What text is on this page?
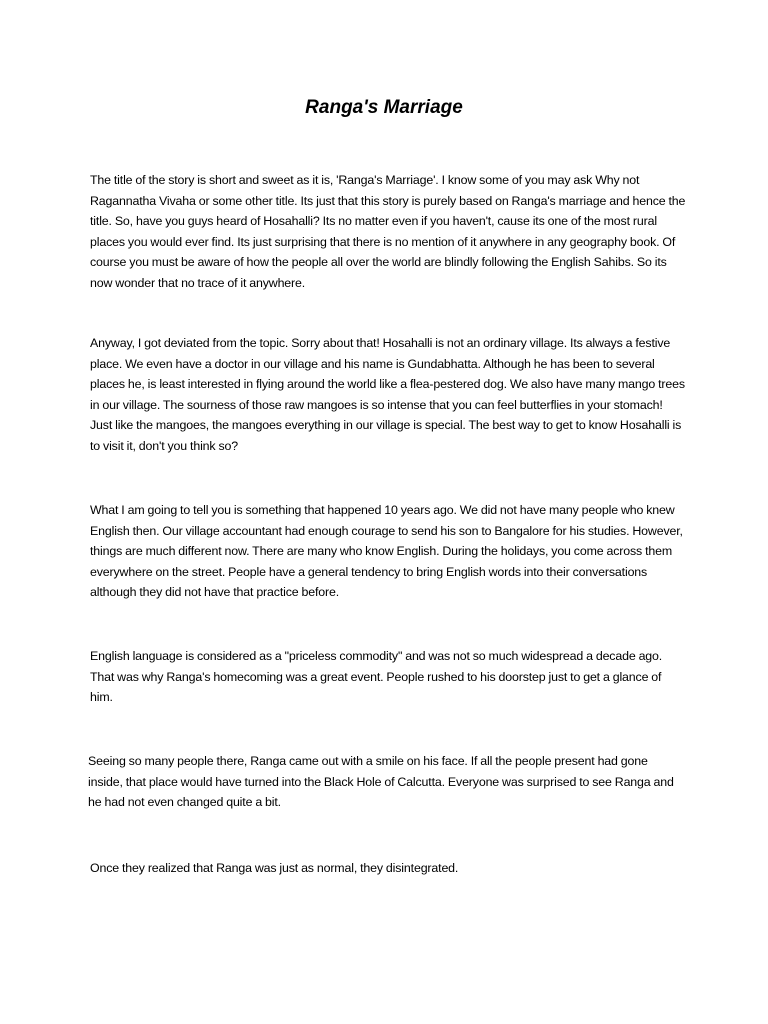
Ranga's Marriage

The title of the story is short and sweet as it is, 'Ranga's Marriage'. I know some of you may ask Why not Ragannatha Vivaha or some other title. Its just that this story is purely based on Ranga's marriage and hence the title. So, have you guys heard of Hosahalli? Its no matter even if you haven't, cause its one of the most rural places you would ever find. Its just surprising that there is no mention of it anywhere in any geography book. Of course you must be aware of how the people all over the world are blindly following the English Sahibs. So its now wonder that no trace of it anywhere.

Anyway, I got deviated from the topic. Sorry about that! Hosahalli is not an ordinary village. Its always a festive place. We even have a doctor in our village and his name is Gundabhatta. Although he has been to several places he, is least interested in flying around the world like a flea-pestered dog. We also have many mango trees in our village. The sourness of those raw mangoes is so intense that you can feel butterflies in your stomach! Just like the mangoes, the mangoes everything in our village is special. The best way to get to know Hosahalli is to visit it, don't you think so?

What I am going to tell you is something that happened 10 years ago. We did not have many people who knew English then. Our village accountant had enough courage to send his son to Bangalore for his studies. However, things are much different now. There are many who know English. During the holidays, you come across them everywhere on the street. People have a general tendency to bring English words into their conversations although they did not have that practice before.

English language is considered as a "priceless commodity" and was not so much widespread a decade ago. That was why Ranga's homecoming was a great event. People rushed to his doorstep just to get a glance of him.

Seeing so many people there, Ranga came out with a smile on his face. If all the people present had gone inside, that place would have turned into the Black Hole of Calcutta. Everyone was surprised to see Ranga and he had not even changed quite a bit.

Once they realized that Ranga was just as normal, they disintegrated.
